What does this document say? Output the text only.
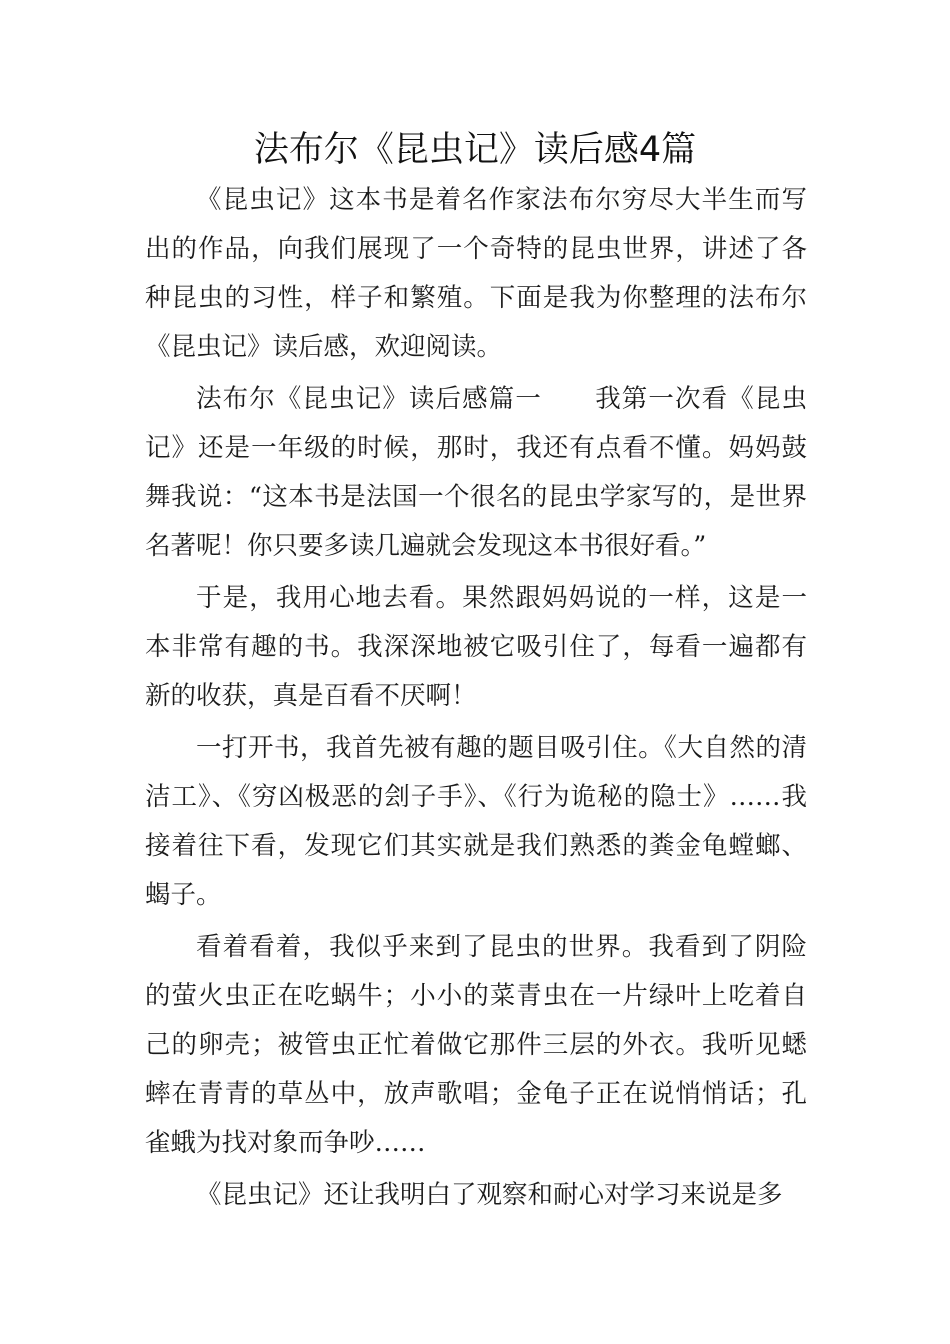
法布尔《昆虫记》读后感4篇

《昆虫记》这本书是着名作家法布尔穷尽大半生而写出的作品，向我们展现了一个奇特的昆虫世界，讲述了各种昆虫的习性，样子和繁殖。下面是我为你整理的法布尔《昆虫记》读后感，欢迎阅读。

法布尔《昆虫记》读后感篇一　　我第一次看《昆虫记》还是一年级的时候，那时，我还有点看不懂。妈妈鼓舞我说：“这本书是法国一个很名的昆虫学家写的，是世界名著呢！你只要多读几遍就会发现这本书很好看。”

于是，我用心地去看。果然跟妈妈说的一样，这是一本非常有趣的书。我深深地被它吸引住了，每看一遍都有新的收获，真是百看不厌啊！

一打开书，我首先被有趣的题目吸引住。《大自然的清洁工》、《穷凶极恶的刽子手》、《行为诡秘的隐士》……我接着往下看，发现它们其实就是我们熟悉的粪金龟螳螂、蝎子。

看着看着，我似乎来到了昆虫的世界。我看到了阴险的萤火虫正在吃蜗牛；小小的菜青虫在一片绿叶上吃着自己的卵壳；被管虫正忙着做它那件三层的外衣。我听见蟋蟀在青青的草丛中，放声歌唱；金龟子正在说悄悄话；孔雀蛾为找对象而争吵……

《昆虫记》还让我明白了观察和耐心对学习来说是多
